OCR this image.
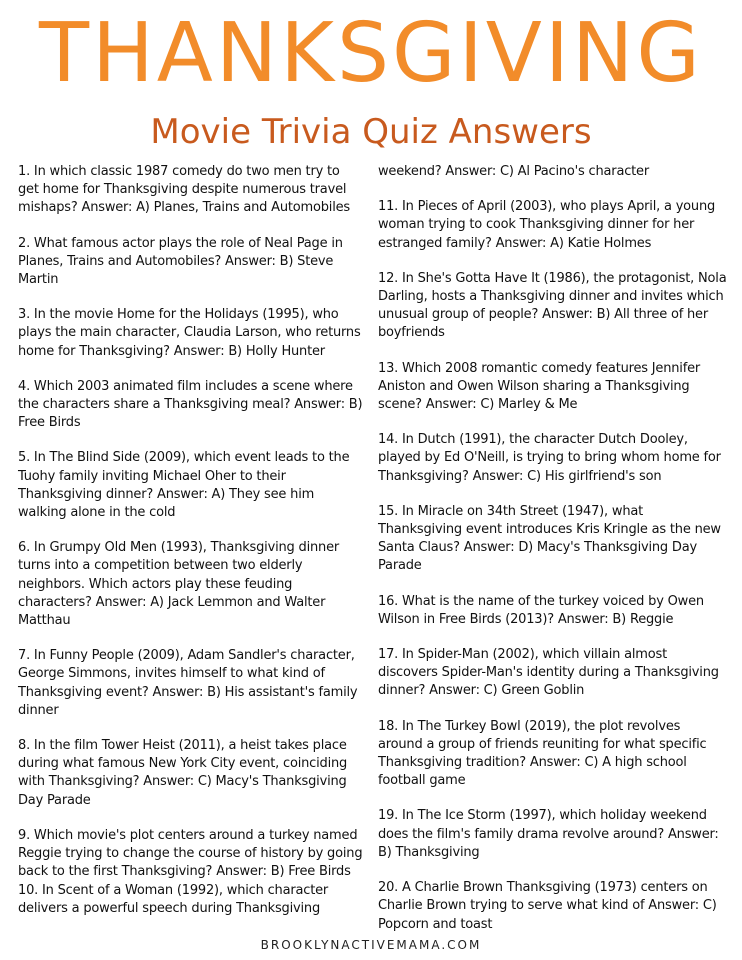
THANKSGIVING
Movie Trivia Quiz Answers

1. In which classic 1987 comedy do two men try to get home for Thanksgiving despite numerous travel mishaps? Answer: A) Planes, Trains and Automobiles

2. What famous actor plays the role of Neal Page in Planes, Trains and Automobiles? Answer: B) Steve Martin

3. In the movie Home for the Holidays (1995), who plays the main character, Claudia Larson, who returns home for Thanksgiving? Answer: B) Holly Hunter

4. Which 2003 animated film includes a scene where the characters share a Thanksgiving meal? Answer: B) Free Birds

5. In The Blind Side (2009), which event leads to the Tuohy family inviting Michael Oher to their Thanksgiving dinner? Answer: A) They see him walking alone in the cold

6. In Grumpy Old Men (1993), Thanksgiving dinner turns into a competition between two elderly neighbors. Which actors play these feuding characters? Answer: A) Jack Lemmon and Walter Matthau

7. In Funny People (2009), Adam Sandler's character, George Simmons, invites himself to what kind of Thanksgiving event? Answer: B) His assistant's family dinner

8. In the film Tower Heist (2011), a heist takes place during what famous New York City event, coinciding with Thanksgiving? Answer: C) Macy's Thanksgiving Day Parade

9. Which movie's plot centers around a turkey named Reggie trying to change the course of history by going back to the first Thanksgiving? Answer: B) Free Birds

10. In Scent of a Woman (1992), which character delivers a powerful speech during Thanksgiving

weekend? Answer: C) Al Pacino's character

11. In Pieces of April (2003), who plays April, a young woman trying to cook Thanksgiving dinner for her estranged family? Answer: A) Katie Holmes

12. In She's Gotta Have It (1986), the protagonist, Nola Darling, hosts a Thanksgiving dinner and invites which unusual group of people? Answer: B) All three of her boyfriends

13. Which 2008 romantic comedy features Jennifer Aniston and Owen Wilson sharing a Thanksgiving scene? Answer: C) Marley & Me

14. In Dutch (1991), the character Dutch Dooley, played by Ed O'Neill, is trying to bring whom home for Thanksgiving? Answer: C) His girlfriend's son

15. In Miracle on 34th Street (1947), what Thanksgiving event introduces Kris Kringle as the new Santa Claus? Answer: D) Macy's Thanksgiving Day Parade

16. What is the name of the turkey voiced by Owen Wilson in Free Birds (2013)? Answer: B) Reggie

17. In Spider-Man (2002), which villain almost discovers Spider-Man's identity during a Thanksgiving dinner? Answer: C) Green Goblin

18. In The Turkey Bowl (2019), the plot revolves around a group of friends reuniting for what specific Thanksgiving tradition? Answer: C) A high school football game

19. In The Ice Storm (1997), which holiday weekend does the film's family drama revolve around? Answer: B) Thanksgiving

20. A Charlie Brown Thanksgiving (1973) centers on Charlie Brown trying to serve what kind of Answer: C) Popcorn and toast

BROOKLYNACTIVEMAMA.COM
